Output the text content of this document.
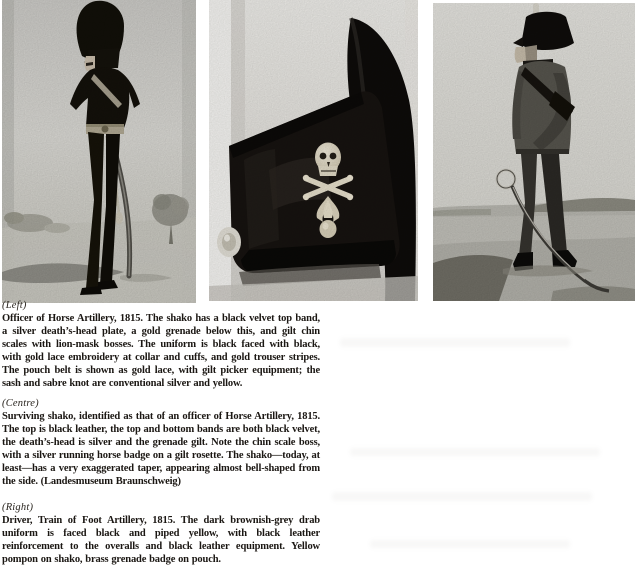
(Left)

Officer of Horse Artillery, 1815. The shako has a black velvet top band, a silver death’s-head plate, a gold grenade below this, and gilt chin scales with lion-mask bosses. The uniform is black faced with black, with gold lace embroidery at collar and cuffs, and gold trouser stripes. The pouch belt is shown as gold lace, with gilt picker equipment; the sash and sabre knot are conventional silver and yellow.

(Centre)

Surviving shako, identified as that of an officer of Horse Artillery, 1815. The top is black leather, the top and bottom bands are both black velvet, the death’s-head is silver and the grenade gilt. Note the chin scale boss, with a silver running horse badge on a gilt rosette. The shako—today, at least—has a very exaggerated taper, appearing almost bell-shaped from the side. (Landesmuseum Braunschweig)

(Right)

Driver, Train of Foot Artillery, 1815. The dark brownish-grey drab uniform is faced black and piped yellow, with black leather reinforcement to the overalls and black leather equipment. Yellow pompon on shako, brass grenade badge on pouch.
